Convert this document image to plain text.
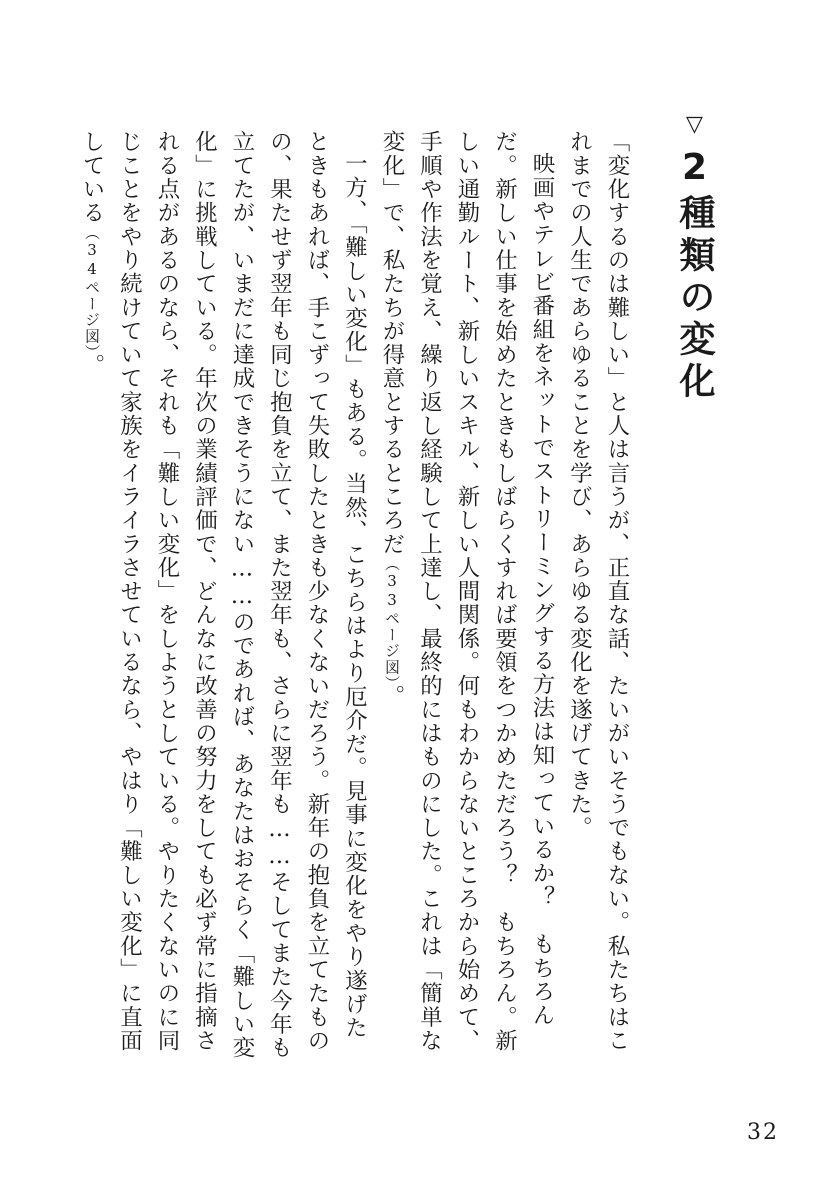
▽2種類の変化

「変化するのは難しい」と人は言うが、正直な話、たいがいそうでもない。私たちはこれまでの人生であらゆることを学び、あらゆる変化を遂げてきた。

映画やテレビ番組をネットでストリーミングする方法は知っているか？　もちろんだ。新しい仕事を始めたときもしばらくすれば要領をつかめただろう？　もちろん。新しい通勤ルート、新しいスキル、新しい人間関係。何もわからないところから始めて、手順や作法を覚え、繰り返し経験して上達し、最終的にはものにした。これは「簡単な変化」で、私たちが得意とするところだ（33ページ図）。

一方、「難しい変化」もある。当然、こちらはより厄介だ。見事に変化をやり遂げたときもあれば、手こずって失敗したときも少なくないだろう。新年の抱負を立てたものの、果たせず翌年も同じ抱負を立て、また翌年も、さらに翌年も……そしてまた今年も立てたが、いまだに達成できそうにない……のであれば、あなたはおそらく「難しい変化」に挑戦している。年次の業績評価で、どんなに改善の努力をしても必ず常に指摘される点があるのなら、それも「難しい変化」をしようとしている。やりたくないのに同じことをやり続けていて家族をイライラさせているなら、やはり「難しい変化」に直面している（34ページ図）。

32
